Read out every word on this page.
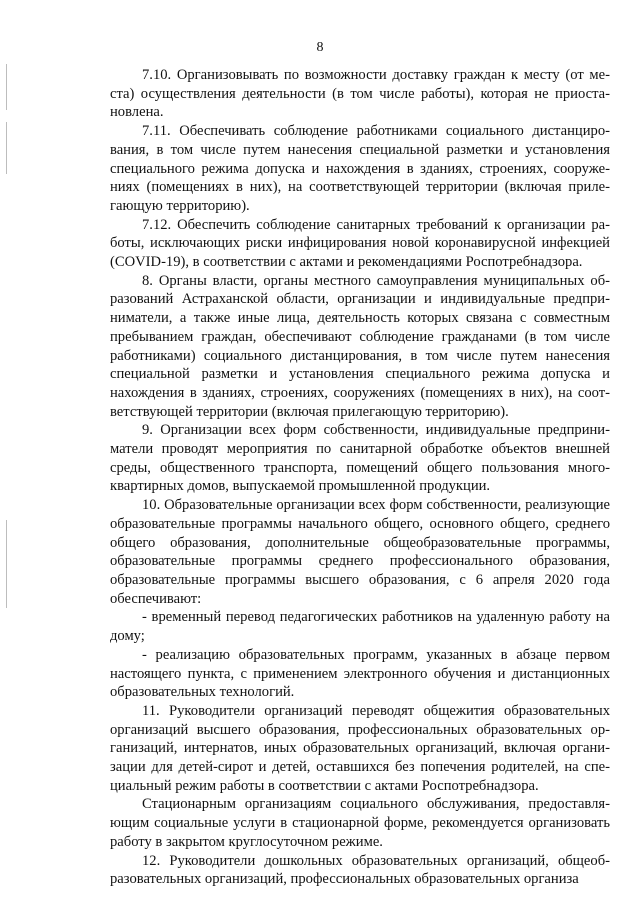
8

7.10. Организовывать по возможности доставку граждан к месту (от места) осуществления деятельности (в том числе работы), которая не приостановлена.

7.11. Обеспечивать соблюдение работниками социального дистанцирования, в том числе путем нанесения специальной разметки и установления специального режима допуска и нахождения в зданиях, строениях, сооружениях (помещениях в них), на соответствующей территории (включая прилегающую территорию).

7.12. Обеспечить соблюдение санитарных требований к организации работы, исключающих риски инфицирования новой коронавирусной инфекцией (COVID-19), в соответствии с актами и рекомендациями Роспотребнадзора.

8. Органы власти, органы местного самоуправления муниципальных образований Астраханской области, организации и индивидуальные предприниматели, а также иные лица, деятельность которых связана с совместным пребыванием граждан, обеспечивают соблюдение гражданами (в том числе работниками) социального дистанцирования, в том числе путем нанесения специальной разметки и установления специального режима допуска и нахождения в зданиях, строениях, сооружениях (помещениях в них), на соответствующей территории (включая прилегающую территорию).

9. Организации всех форм собственности, индивидуальные предприниматели проводят мероприятия по санитарной обработке объектов внешней среды, общественного транспорта, помещений общего пользования многоквартирных домов, выпускаемой промышленной продукции.

10. Образовательные организации всех форм собственности, реализующие образовательные программы начального общего, основного общего, среднего общего образования, дополнительные общеобразовательные программы, образовательные программы среднего профессионального образования, образовательные программы высшего образования, с 6 апреля 2020 года обеспечивают:

- временный перевод педагогических работников на удаленную работу на дому;

- реализацию образовательных программ, указанных в абзаце первом настоящего пункта, с применением электронного обучения и дистанционных образовательных технологий.

11. Руководители организаций переводят общежития образовательных организаций высшего образования, профессиональных образовательных организаций, интернатов, иных образовательных организаций, включая организации для детей-сирот и детей, оставшихся без попечения родителей, на специальный режим работы в соответствии с актами Роспотребнадзора.

Стационарным организациям социального обслуживания, предоставляющим социальные услуги в стационарной форме, рекомендуется организовать работу в закрытом круглосуточном режиме.

12. Руководители дошкольных образовательных организаций, общеобразовательных организаций, профессиональных образовательных организа
